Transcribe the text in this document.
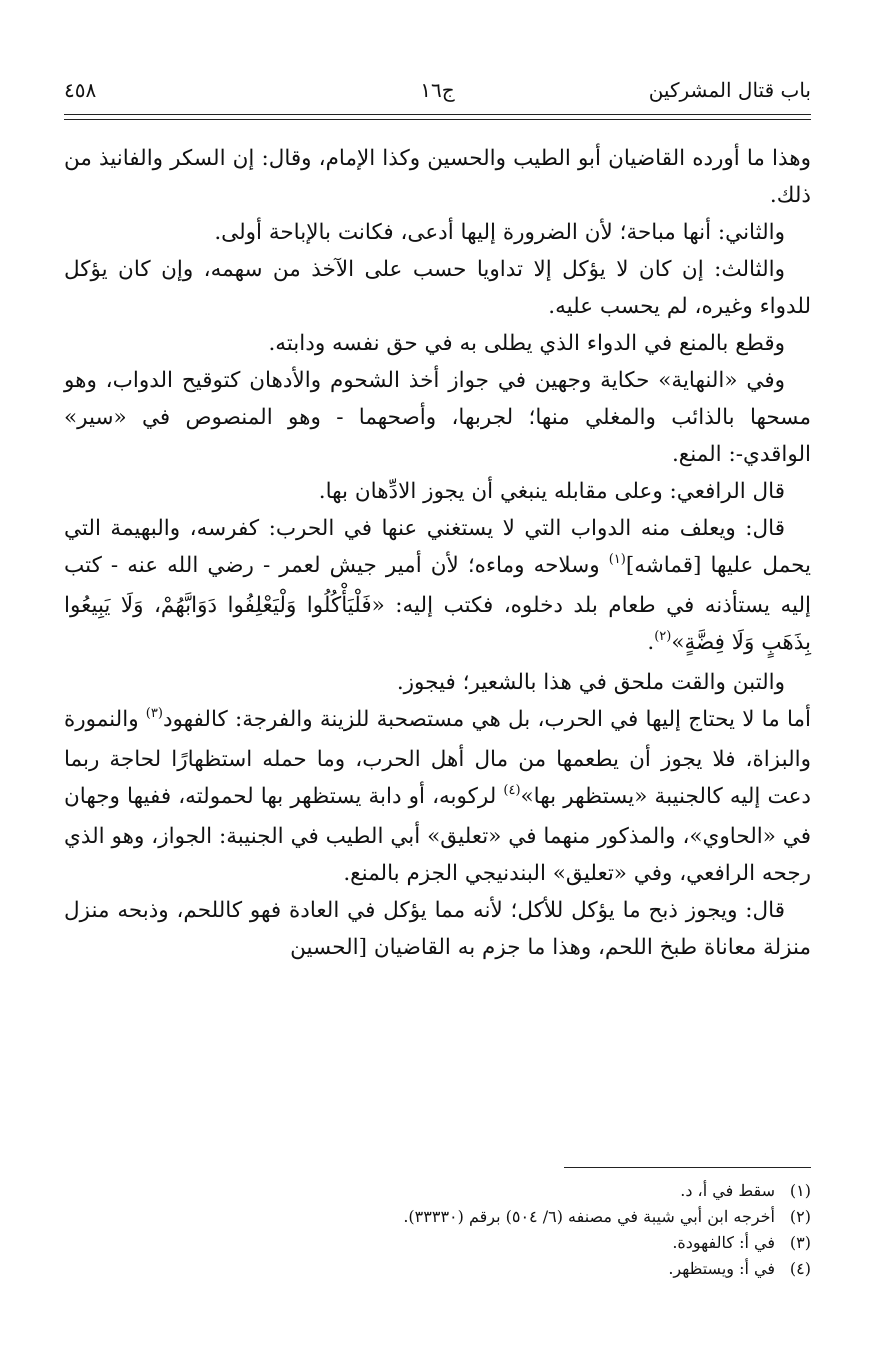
باب قتال المشركين
ج١٦
٤٥٨

وهذا ما أورده القاضيان أبو الطيب والحسين وكذا الإمام، وقال: إن السكر والفانيذ من ذلك.

والثاني: أنها مباحة؛ لأن الضرورة إليها أدعى، فكانت بالإباحة أولى.

والثالث: إن كان لا يؤكل إلا تداويا حسب على الآخذ من سهمه، وإن كان يؤكل للدواء وغيره، لم يحسب عليه.

وقطع بالمنع في الدواء الذي يطلى به في حق نفسه ودابته.

وفي «النهاية» حكاية وجهين في جواز أخذ الشحوم والأدهان كتوقيح الدواب، وهو مسحها بالذائب والمغلي منها؛ لجربها، وأصحهما - وهو المنصوص في «سير» الواقدي-: المنع.

قال الرافعي: وعلى مقابله ينبغي أن يجوز الادِّهان بها.

قال: ويعلف منه الدواب التي لا يستغني عنها في الحرب: كفرسه، والبهيمة التي يحمل عليها [قماشه]$^{(١)}$ وسلاحه وماءه؛ لأن أمير جيش لعمر - رضي الله عنه - كتب إليه يستأذنه في طعام بلد دخلوه، فكتب إليه: «فَلْيَأْكُلُوا وَلْيَعْلِفُوا دَوَابَّهُمْ، وَلَا يَبِيعُوا بِذَهَبٍ وَلَا فِضَّةٍ»$^{(٢)}$.

والتبن والقت ملحق في هذا بالشعير؛ فيجوز.

أما ما لا يحتاج إليها في الحرب، بل هي مستصحبة للزينة والفرجة: كالفهود$^{(٣)}$ والنمورة والبزاة، فلا يجوز أن يطعمها من مال أهل الحرب، وما حمله استظهارًا لحاجة ربما دعت إليه كالجنيبة «يستظهر بها»$^{(٤)}$ لركوبه، أو دابة يستظهر بها لحمولته، ففيها وجهان في «الحاوي»، والمذكور منهما في «تعليق» أبي الطيب في الجنيبة: الجواز، وهو الذي رجحه الرافعي، وفي «تعليق» البندنيجي الجزم بالمنع.

قال: ويجوز ذبح ما يؤكل للأكل؛ لأنه مما يؤكل في العادة فهو كاللحم، وذبحه منزل منزلة معاناة طبخ اللحم، وهذا ما جزم به القاضيان [الحسين

(١)سقط في أ، د.

(٢)أخرجه ابن أبي شيبة في مصنفه (٦/ ٥٠٤) برقم (٣٣٣٣٠).

(٣)في أ: كالفهودة.

(٤)في أ: ويستظهر.
